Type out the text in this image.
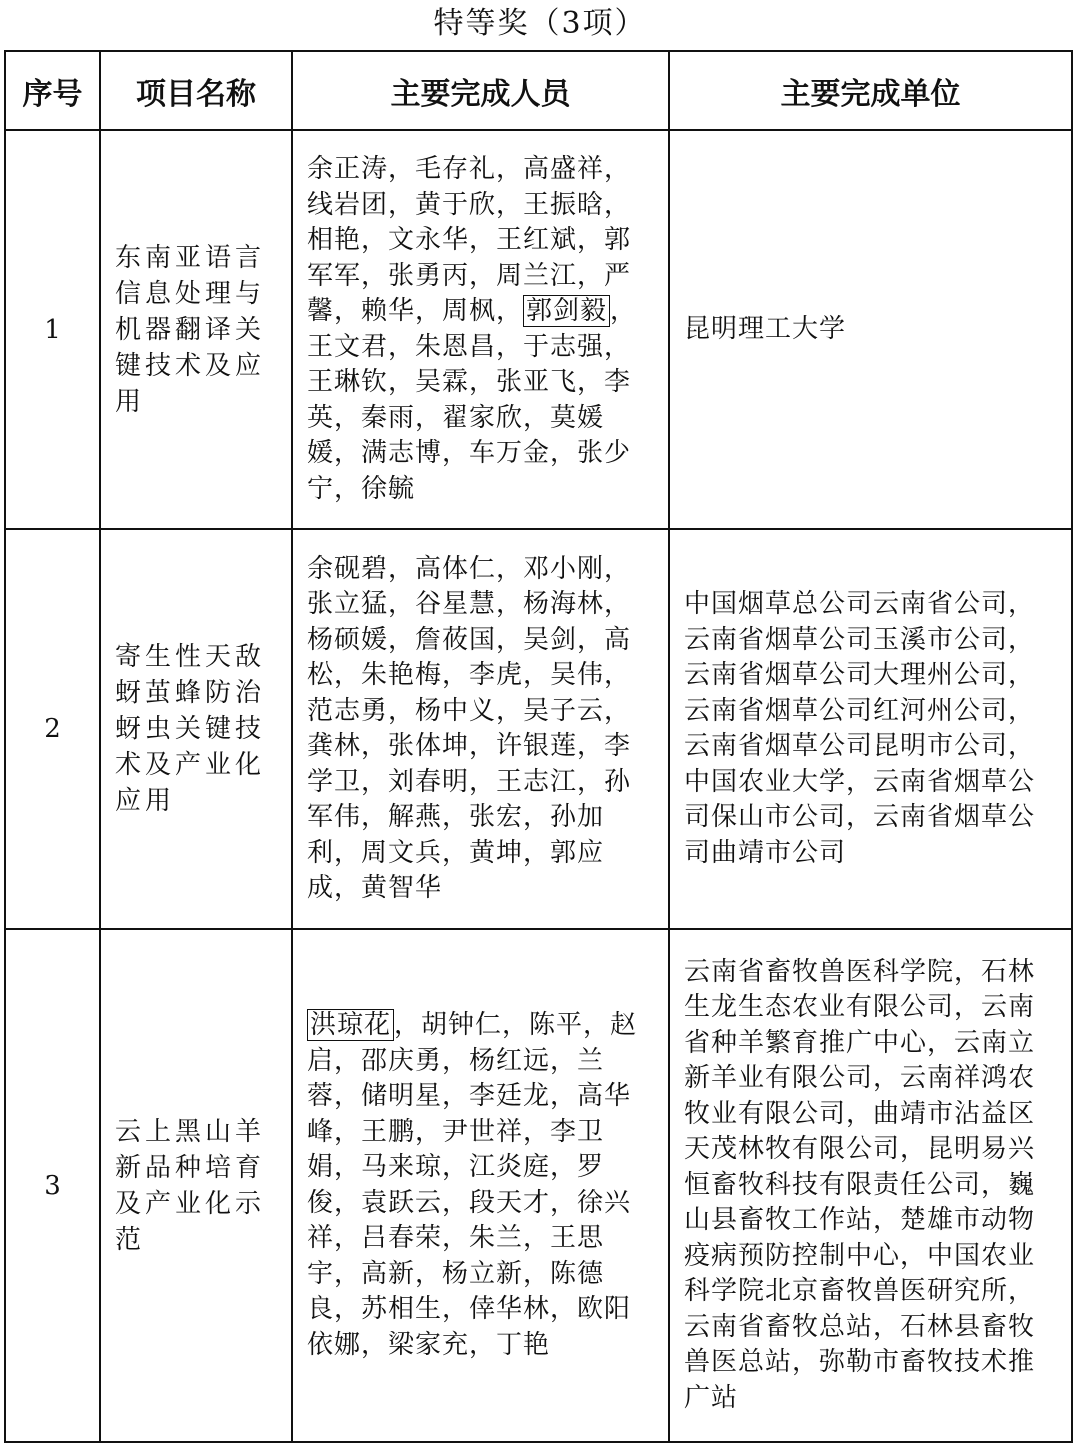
特等奖（3项）
序号	项目名称	主要完成人员	主要完成单位
1	东南亚语言信息处理与机器翻译关键技术及应用	余正涛，毛存礼，高盛祥，线岩团，黄于欣，王振晗，相艳，文永华，王红斌，郭军军，张勇丙，周兰江，严馨，赖华，周枫， 郭剑毅 ，王文君，朱恩昌，于志强，王琳钦，吴霖，张亚飞，李英，秦雨，翟家欣，莫媛媛，满志博，车万金，张少宁，徐毓	昆明理工大学
2	寄生性天敌蚜茧蜂防治蚜虫关键技术及产业化应用	余砚碧，高体仁，邓小刚，张立猛，谷星慧，杨海林，杨硕媛，詹莜国，吴剑，高松，朱艳梅，李虎，吴伟，范志勇，杨中义，吴子云，龚林，张体坤，许银莲，李学卫，刘春明，王志江，孙军伟，解燕，张宏，孙加利，周文兵，黄坤，郭应成，黄智华	中国烟草总公司云南省公司，云南省烟草公司玉溪市公司，云南省烟草公司大理州公司，云南省烟草公司红河州公司，云南省烟草公司昆明市公司，中国农业大学，云南省烟草公司保山市公司，云南省烟草公司曲靖市公司
3	云上黑山羊新品种培育及产业化示范	洪琼花 ，胡钟仁，陈平，赵启，邵庆勇，杨红远，兰蓉，储明星，李廷龙，高华峰，王鹏，尹世祥，李卫娟，马来琼，江炎庭，罗俊，袁跃云，段天才，徐兴祥，吕春荣，朱兰，王思宇，高新，杨立新，陈德良，苏相生，倖华林，欧阳依娜，梁家充，丁艳	云南省畜牧兽医科学院，石林生龙生态农业有限公司，云南省种羊繁育推广中心，云南立新羊业有限公司，云南祥鸿农牧业有限公司，曲靖市沾益区天茂林牧有限公司，昆明易兴恒畜牧科技有限责任公司，巍山县畜牧工作站，楚雄市动物疫病预防控制中心，中国农业科学院北京畜牧兽医研究所，云南省畜牧总站，石林县畜牧兽医总站，弥勒市畜牧技术推广站
